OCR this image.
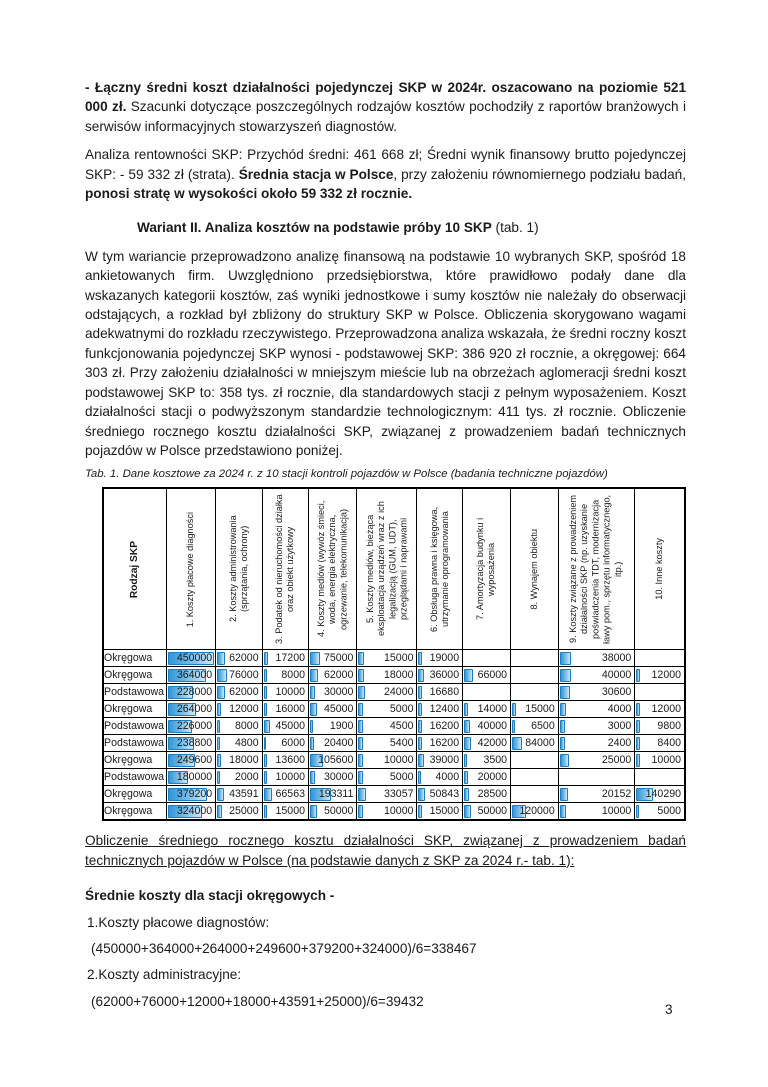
- Łączny średni koszt działalności pojedynczej SKP w 2024r. oszacowano na poziomie 521 000 zł. Szacunki dotyczące poszczególnych rodzajów kosztów pochodziły z raportów branżowych i serwisów informacyjnych stowarzyszeń diagnostów.

Analiza rentowności SKP: Przychód średni: 461 668 zł; Średni wynik finansowy brutto pojedynczej SKP: - 59 332 zł (strata). Średnia stacja w Polsce, przy założeniu równomiernego podziału badań, ponosi stratę w wysokości około 59 332 zł rocznie.

Wariant II. Analiza kosztów na podstawie próby 10 SKP (tab. 1)

W tym wariancie przeprowadzono analizę finansową na podstawie 10 wybranych SKP, spośród 18 ankietowanych firm. Uwzględniono przedsiębiorstwa, które prawidłowo podały dane dla wskazanych kategorii kosztów, zaś wyniki jednostkowe i sumy kosztów nie należały do obserwacji odstających, a rozkład był zbliżony do struktury SKP w Polsce. Obliczenia skorygowano wagami adekwatnymi do rozkładu rzeczywistego. Przeprowadzona analiza wskazała, że średni roczny koszt funkcjonowania pojedynczej SKP wynosi - podstawowej SKP: 386 920 zł rocznie, a okręgowej: 664 303 zł. Przy założeniu działalności w mniejszym mieście lub na obrzeżach aglomeracji średni koszt podstawowej SKP to: 358 tys. zł rocznie, dla standardowych stacji z pełnym wyposażeniem. Koszt działalności stacji o podwyższonym standardzie technologicznym: 411 tys. zł rocznie. Obliczenie średniego rocznego kosztu działalności SKP, związanej z prowadzeniem badań technicznych pojazdów w Polsce przedstawiono poniżej.

Tab. 1. Dane kosztowe za 2024 r. z 10 stacji kontroli pojazdów w Polsce (badania techniczne pojazdów)

Rodzaj SKP	1. Koszty płacowe diagności	2. Koszty administrowania (sprzątania, ochrony)	3. Podatek od nieruchomości działka oraz obiekt użytkowy	4. Koszty mediów (wywóz śmieci, woda, energia elektryczna, ogrzewanie, telekomunikacja)	5. Koszty mediów, bieżąca eksploatacja urządzeń wraz z ich legalizacją (GUM, UDT), przeglądami i naprawami	6. Obsługa prawna i księgowa, utrzymanie oprogramowania	7. Amortyzacja budynku i wyposażenia	8. Wynajem obiektu	9. Koszty związane z prowadzeniem działalności SKP (np. uzyskanie poświadczenia TDT, modernizacja ławy pom., sprzętu informatycznego, itp.)	10. Inne koszty

Okręgowa	450000	62000	17200	75000	15000	19000			38000	

Okręgowa	364000	76000	8000	62000	18000	36000	66000		40000	12000

Podstawowa	228000	62000	10000	30000	24000	16680			30600	

Okręgowa	264000	12000	16000	45000	5000	12400	14000	15000	4000	12000

Podstawowa	226000	8000	45000	1900	4500	16200	40000	6500	3000	9800

Podstawowa	238800	4800	6000	20400	5400	16200	42000	84000	2400	8400

Okręgowa	249600	18000	13600	105600	10000	39000	3500		25000	10000

Podstawowa	180000	2000	10000	30000	5000	4000	20000			

Okręgowa	379200	43591	66563	193311	33057	50843	28500		20152	140290

Okręgowa	324000	25000	15000	50000	10000	15000	50000	120000	10000	5000

Obliczenie średniego rocznego kosztu działalności SKP, związanej z prowadzeniem badań technicznych pojazdów w Polsce (na podstawie danych z SKP za 2024 r.- tab. 1):

Średnie koszty dla stacji okręgowych -

1.Koszty płacowe diagnostów:

(450000+364000+264000+249600+379200+324000)/6=338467

2.Koszty administracyjne:

(62000+76000+12000+18000+43591+25000)/6=39432

3
